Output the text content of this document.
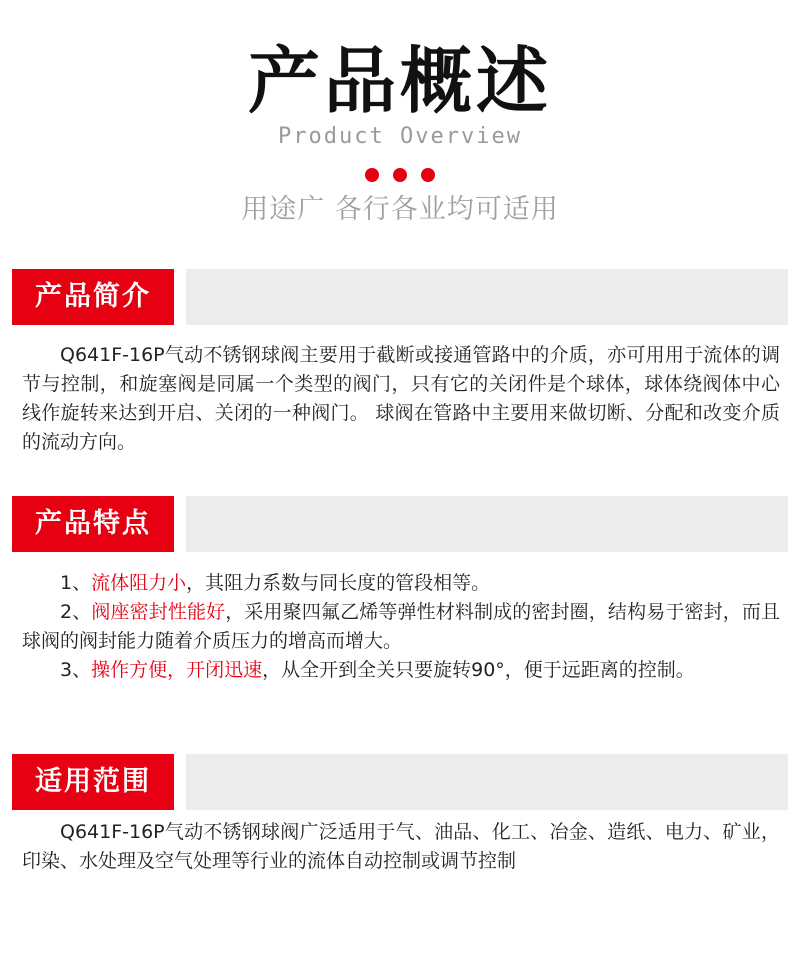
产品概述
Product Overview
用途广 各行各业均可适用
产品简介

Q641F-16P气动不锈钢球阀主要用于截断或接通管路中的介质，亦可用用于流体的调节与控制，和旋塞阀是同属一个类型的阀门，只有它的关闭件是个球体，球体绕阀体中心线作旋转来达到开启、关闭的一种阀门。 球阀在管路中主要用来做切断、分配和改变介质的流动方向。

产品特点

1、流体阻力小，其阻力系数与同长度的管段相等。

2、阀座密封性能好，采用聚四氟乙烯等弹性材料制成的密封圈，结构易于密封，而且球阀的阀封能力随着介质压力的增高而增大。

3、操作方便，开闭迅速，从全开到全关只要旋转90°，便于远距离的控制。

适用范围

Q641F-16P气动不锈钢球阀广泛适用于气、油品、化工、冶金、造纸、电力、矿业，印染、水处理及空气处理等行业的流体自动控制或调节控制
